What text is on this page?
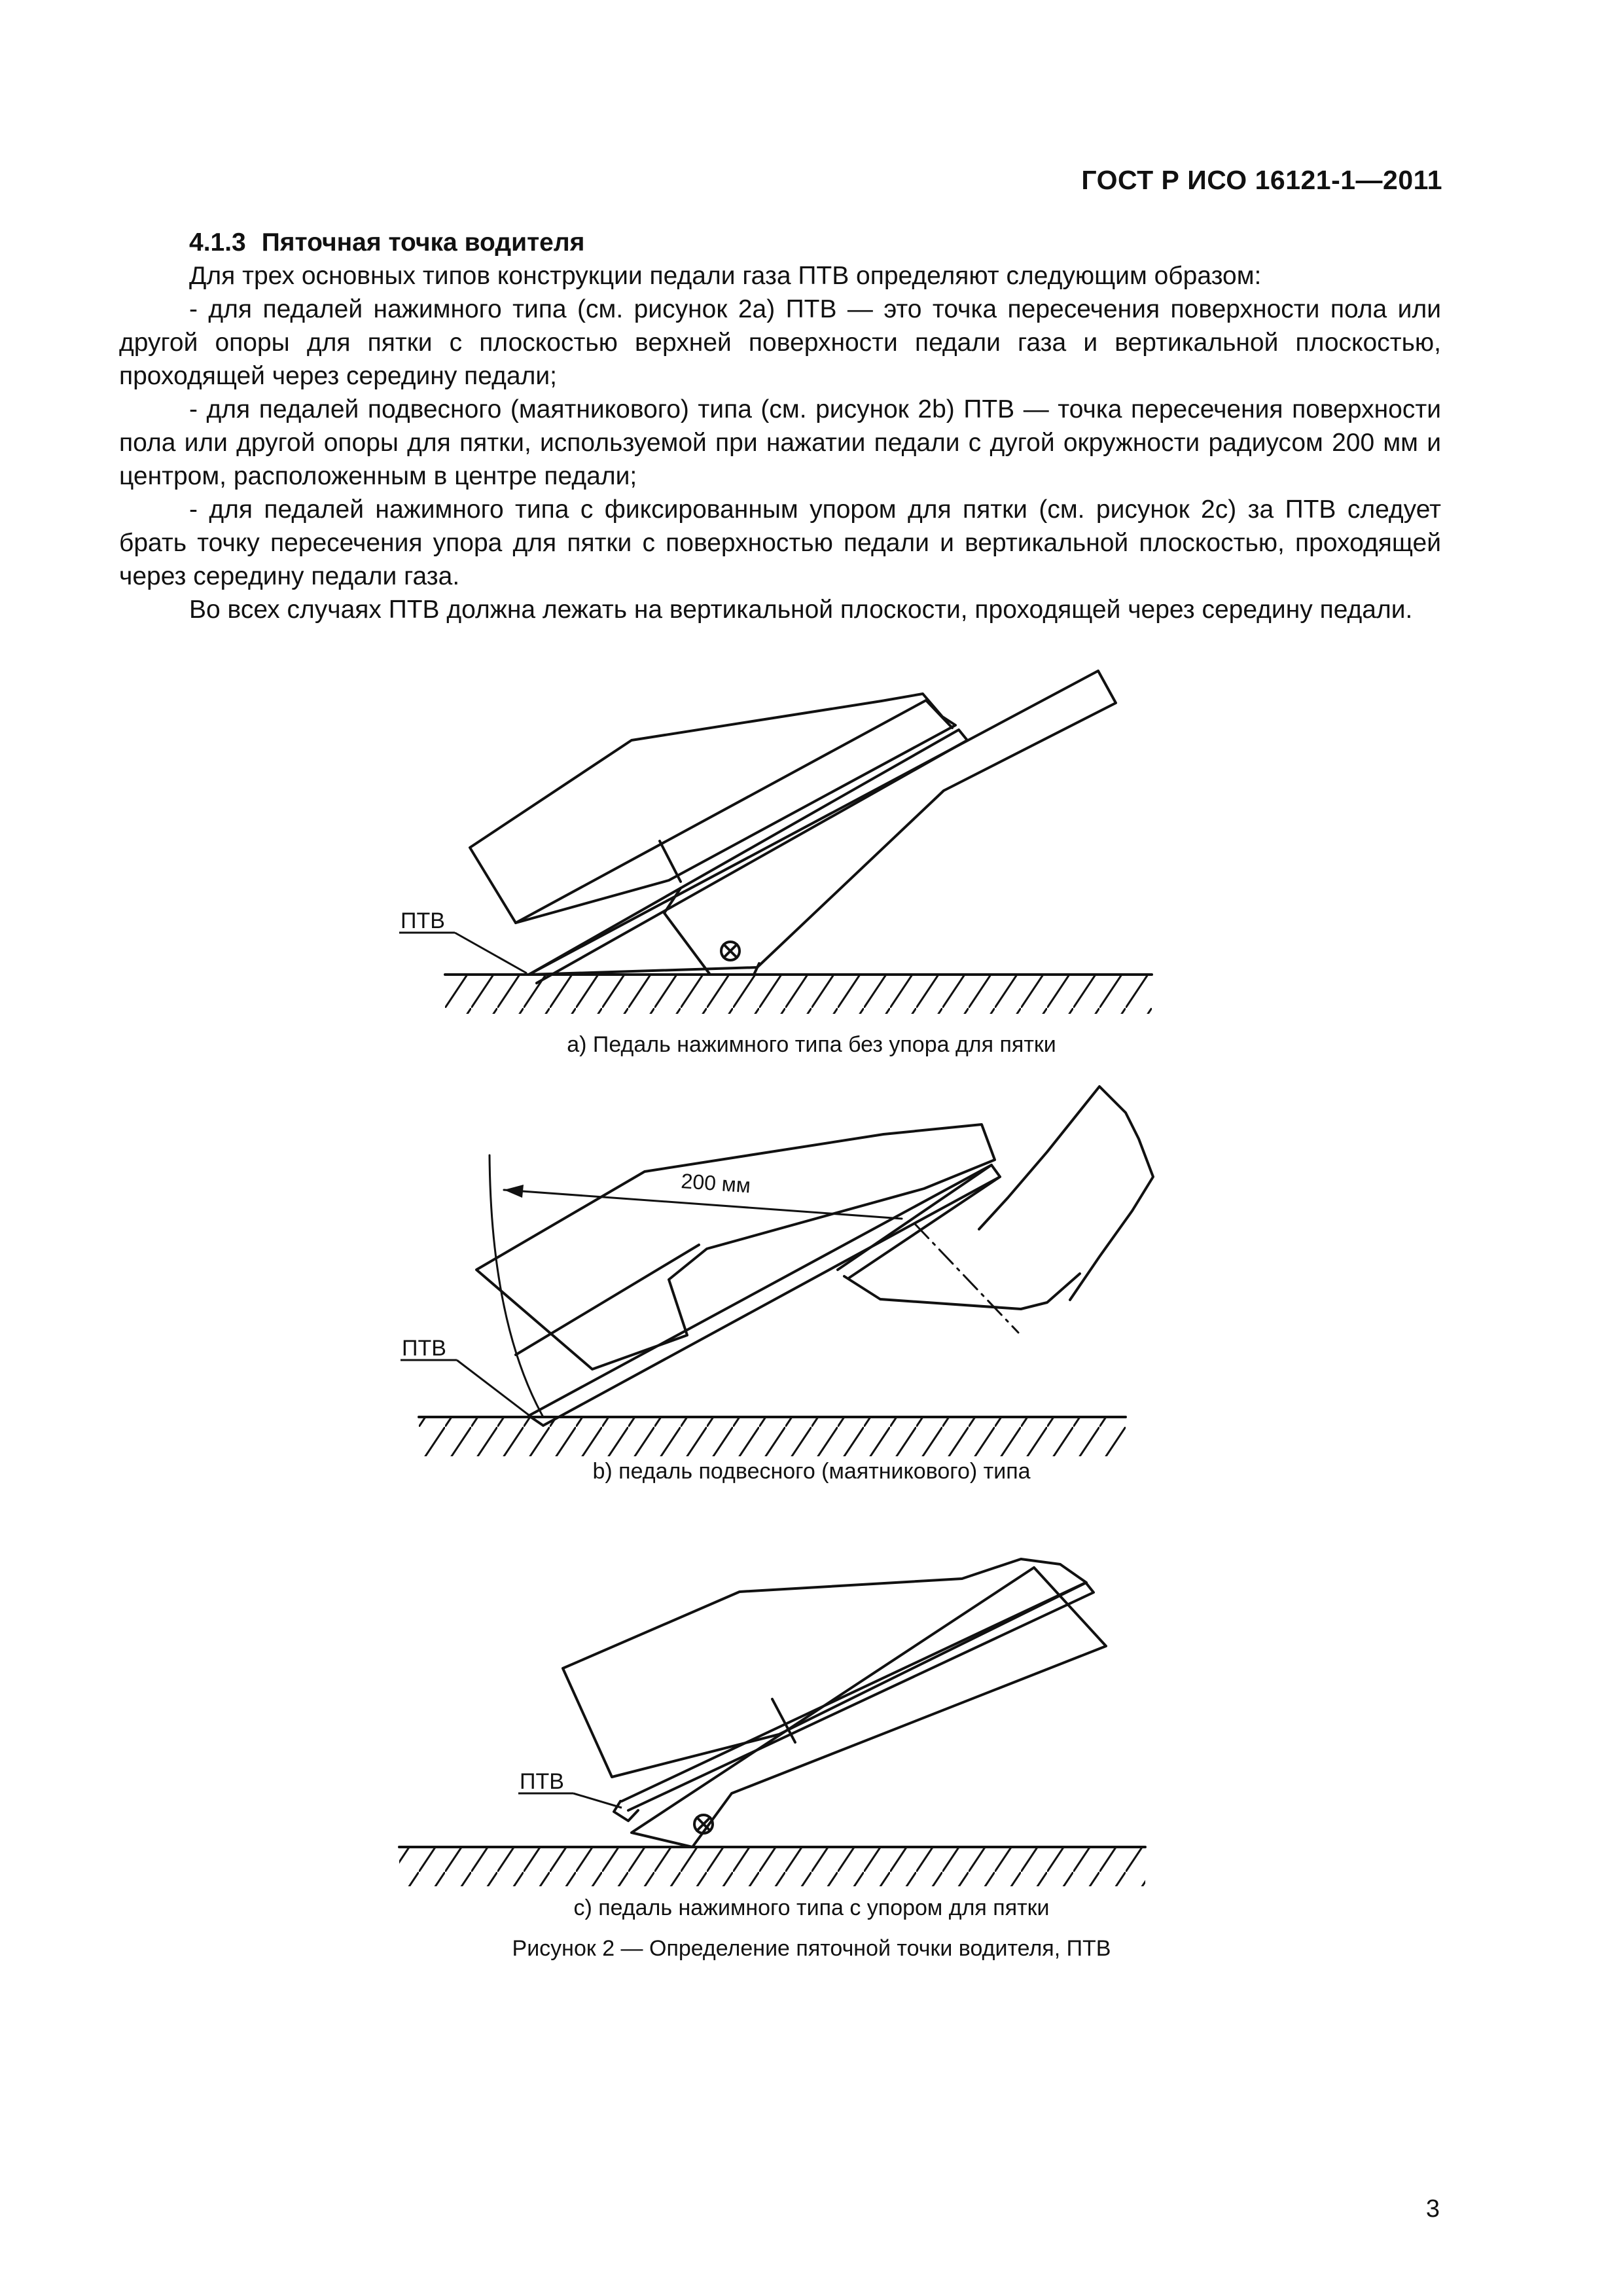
ГОСТ Р ИСО 16121-1—2011

4.1.3 Пяточная точка водителя

Для трех основных типов конструкции педали газа ПТВ определяют следующим образом:

- для педалей нажимного типа (см. рисунок 2a) ПТВ — это точка пересечения поверхности пола или другой опоры для пятки с плоскостью верхней поверхности педали газа и вертикальной плоскостью, проходящей через середину педали;

- для педалей подвесного (маятникового) типа (см. рисунок 2b) ПТВ — точка пересечения поверхности пола или другой опоры для пятки, используемой при нажатии педали с дугой окружности радиусом 200 мм и центром, расположенным в центре педали;

- для педалей нажимного типа с фиксированным упором для пятки (см. рисунок 2c) за ПТВ следует брать точку пересечения упора для пятки с поверхностью педали и вертикальной плоскостью, проходящей через середину педали газа.

Во всех случаях ПТВ должна лежать на вертикальной плоскости, проходящей через середину педали.

ПТВ
200 мм
ПТВ
ПТВ
а) Педаль нажимного типа без упора для пятки
b) педаль подвесного (маятникового) типа
с) педаль нажимного типа с упором для пятки
Рисунок 2 — Определение пяточной точки водителя, ПТВ
3
